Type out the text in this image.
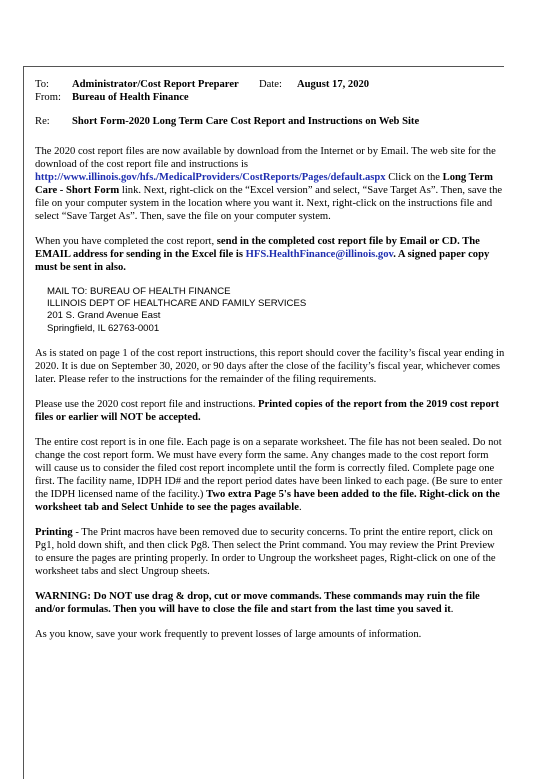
To:	Administrator/Cost Report Preparer	Date:	August 17, 2020
From:	Bureau of Health Finance
Re:	Short Form-2020 Long Term Care Cost Report and Instructions on Web Site

The 2020 cost report files are now available by download from the Internet or by Email. The web site for the download of the cost report file and instructions is http://www.illinois.gov/hfs./MedicalProviders/CostReports/Pages/default.aspx Click on the Long Term Care - Short Form link. Next, right-click on the “Excel version” and select, “Save Target As”. Then, save the file on your computer system in the location where you want it. Next, right-click on the instructions file and select “Save Target As”. Then, save the file on your computer system.

When you have completed the cost report, send in the completed cost report file by Email or CD. The EMAIL address for sending in the Excel file is HFS.HealthFinance@illinois.gov. A signed paper copy must be sent in also.

MAIL TO: BUREAU OF HEALTH FINANCE
ILLINOIS DEPT OF HEALTHCARE AND FAMILY SERVICES
201 S. Grand Avenue East
Springfield, IL 62763-0001

As is stated on page 1 of the cost report instructions, this report should cover the facility’s fiscal year ending in 2020. It is due on September 30, 2020, or 90 days after the close of the facility’s fiscal year, whichever comes later. Please refer to the instructions for the remainder of the filing requirements.

Please use the 2020 cost report file and instructions. Printed copies of the report from the 2019 cost report files or earlier will NOT be accepted.

The entire cost report is in one file. Each page is on a separate worksheet. The file has not been sealed. Do not change the cost report form. We must have every form the same. Any changes made to the cost report form will cause us to consider the filed cost report incomplete until the form is correctly filed. Complete page one first. The facility name, IDPH ID# and the report period dates have been linked to each page. (Be sure to enter the IDPH licensed name of the facility.) Two extra Page 5's have been added to the file. Right-click on the worksheet tab and Select Unhide to see the pages available.

Printing - The Print macros have been removed due to security concerns. To print the entire report, click on Pg1, hold down shift, and then click Pg8. Then select the Print command. You may review the Print Preview to ensure the pages are printing properly. In order to Ungroup the worksheet pages, Right-click on one of the worksheet tabs and slect Ungroup sheets.

WARNING: Do NOT use drag & drop, cut or move commands. These commands may ruin the file and/or formulas. Then you will have to close the file and start from the last time you saved it.

As you know, save your work frequently to prevent losses of large amounts of information.
